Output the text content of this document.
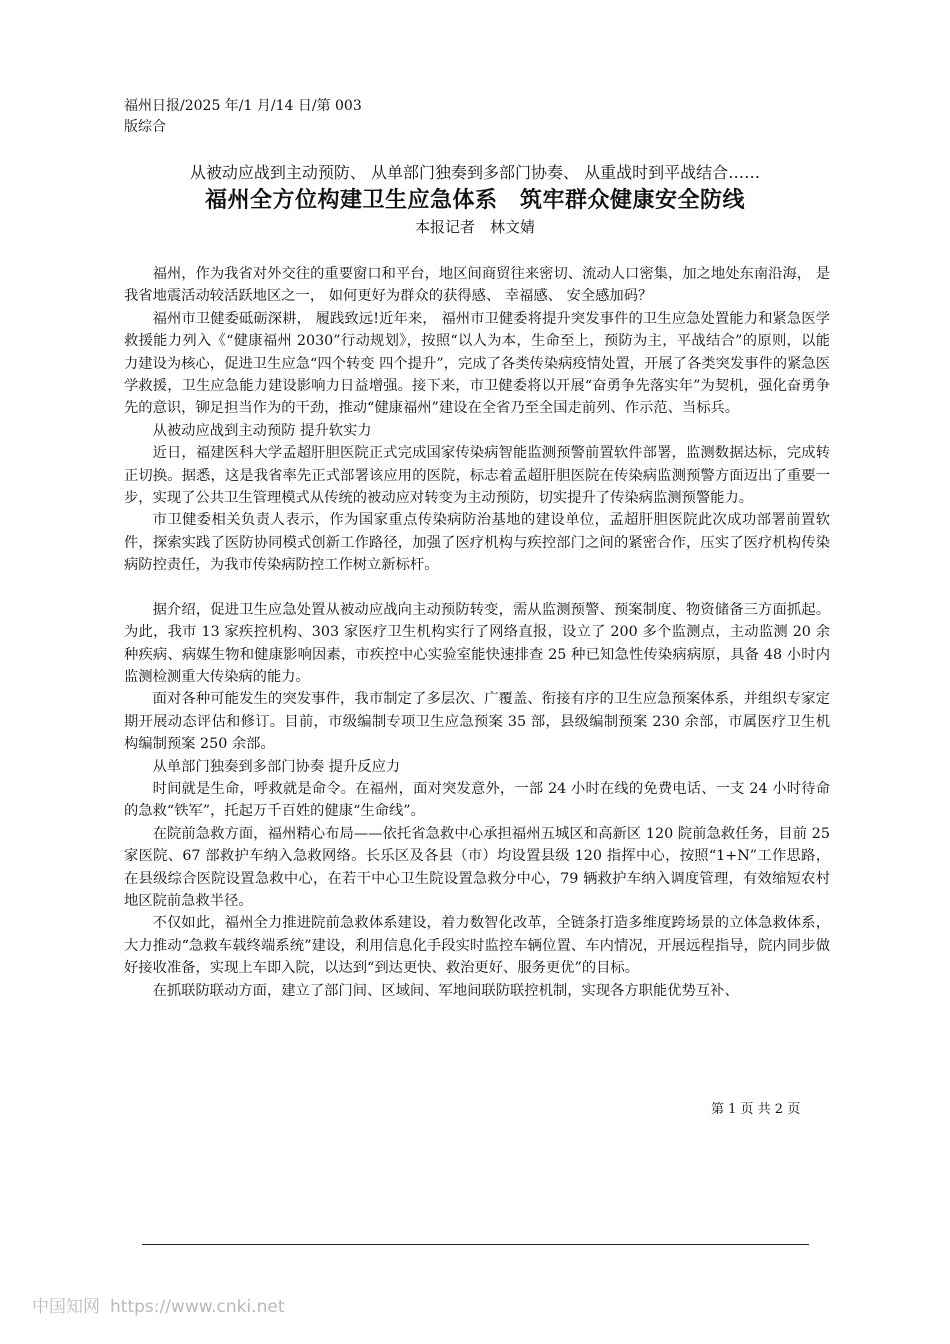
福州日报/2025 年/1 月/14 日/第 003
版综合
从被动应战到主动预防、 从单部门独奏到多部门协奏、 从重战时到平战结合……
福州全方位构建卫生应急体系　筑牢群众健康安全防线
本报记者　林文婧

福州，作为我省对外交往的重要窗口和平台，地区间商贸往来密切、流动人口密集，加之地处东南沿海， 是我省地震活动较活跃地区之一， 如何更好为群众的获得感、 幸福感、 安全感加码？

福州市卫健委砥砺深耕， 履践致远!近年来， 福州市卫健委将提升突发事件的卫生应急处置能力和紧急医学救援能力列入《“健康福州 2030”行动规划》，按照“以人为本，生命至上，预防为主，平战结合”的原则，以能力建设为核心，促进卫生应急“四个转变 四个提升”，完成了各类传染病疫情处置，开展了各类突发事件的紧急医学救援，卫生应急能力建设影响力日益增强。接下来，市卫健委将以开展“奋勇争先落实年”为契机，强化奋勇争先的意识，铆足担当作为的干劲，推动“健康福州”建设在全省乃至全国走前列、作示范、当标兵。

从被动应战到主动预防 提升软实力

近日，福建医科大学孟超肝胆医院正式完成国家传染病智能监测预警前置软件部署，监测数据达标，完成转正切换。据悉，这是我省率先正式部署该应用的医院，标志着孟超肝胆医院在传染病监测预警方面迈出了重要一步，实现了公共卫生管理模式从传统的被动应对转变为主动预防，切实提升了传染病监测预警能力。

市卫健委相关负责人表示，作为国家重点传染病防治基地的建设单位，孟超肝胆医院此次成功部署前置软件，探索实践了医防协同模式创新工作路径，加强了医疗机构与疾控部门之间的紧密合作，压实了医疗机构传染病防控责任，为我市传染病防控工作树立新标杆。

据介绍，促进卫生应急处置从被动应战向主动预防转变，需从监测预警、预案制度、物资储备三方面抓起。为此，我市 13 家疾控机构、303 家医疗卫生机构实行了网络直报，设立了 200 多个监测点，主动监测 20 余种疾病、病媒生物和健康影响因素，市疾控中心实验室能快速排查 25 种已知急性传染病病原，具备 48 小时内监测检测重大传染病的能力。

面对各种可能发生的突发事件，我市制定了多层次、广覆盖、衔接有序的卫生应急预案体系，并组织专家定期开展动态评估和修订。目前，市级编制专项卫生应急预案 35 部，县级编制预案 230 余部，市属医疗卫生机构编制预案 250 余部。

从单部门独奏到多部门协奏 提升反应力

时间就是生命，呼救就是命令。在福州，面对突发意外，一部 24 小时在线的免费电话、一支 24 小时待命的急救“铁军”，托起万千百姓的健康“生命线”。

在院前急救方面，福州精心布局——依托省急救中心承担福州五城区和高新区 120 院前急救任务，目前 25 家医院、67 部救护车纳入急救网络。长乐区及各县（市）均设置县级 120 指挥中心，按照“1+N”工作思路，在县级综合医院设置急救中心，在若干中心卫生院设置急救分中心，79 辆救护车纳入调度管理，有效缩短农村地区院前急救半径。

不仅如此，福州全力推进院前急救体系建设，着力数智化改革，全链条打造多维度跨场景的立体急救体系，大力推动“急救车载终端系统”建设，利用信息化手段实时监控车辆位置、车内情况，开展远程指导，院内同步做好接收准备，实现上车即入院，以达到“到达更快、救治更好、服务更优”的目标。

在抓联防联动方面，建立了部门间、区域间、军地间联防联控机制，实现各方职能优势互补、

第 1 页 共 2 页
中国知网 https://www.cnki.net
